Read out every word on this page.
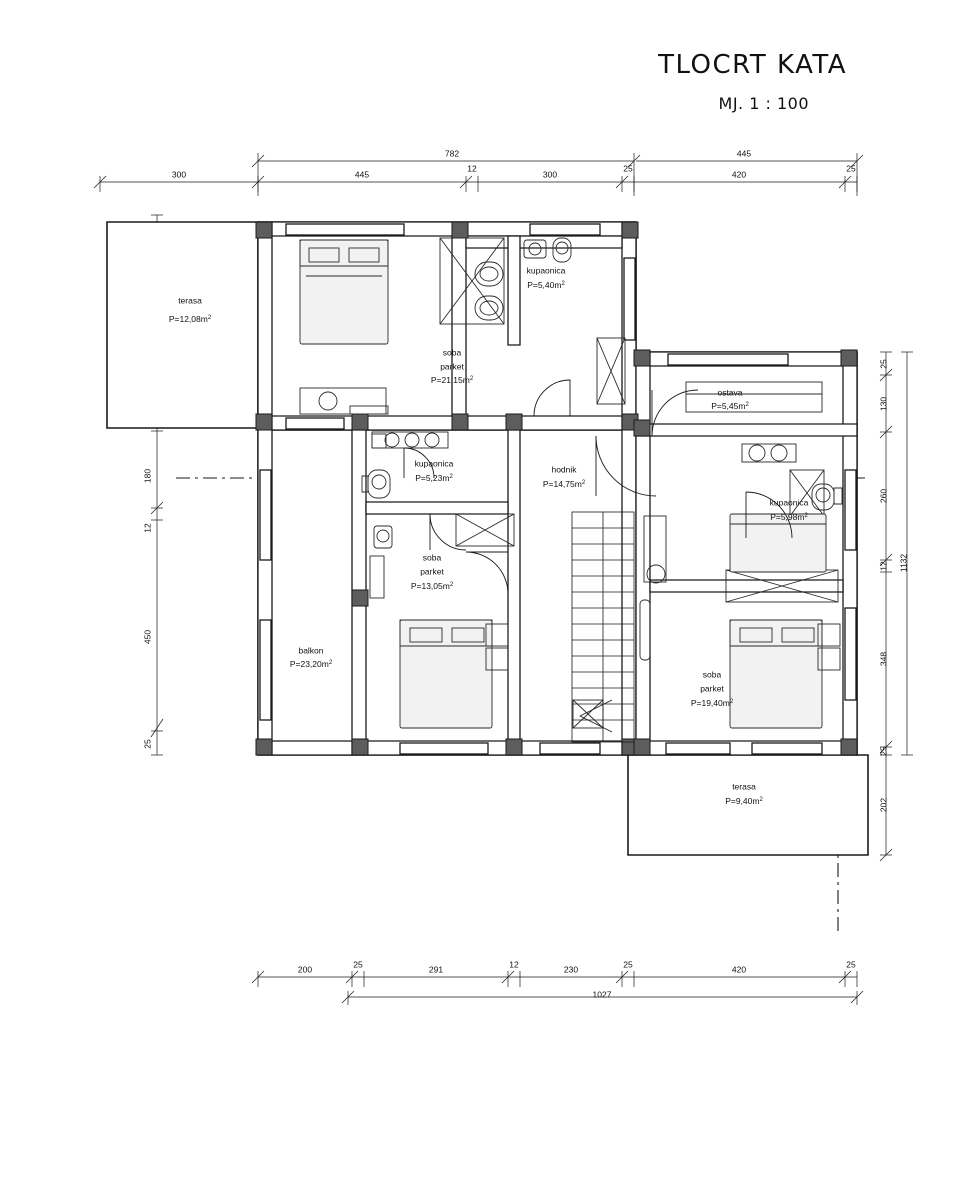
TLOCRT KATA
MJ. 1 : 100
782	445
300	445
12
300
25
420
25
180
12
450
25
25
130
260
12
348
25
202
1132
200	25	291	12	230	25	420	25
1027
terasa
$P=12,08m^2$
soba
parket
$P=21,15m^2$
kupaonica
$P=5,40m^2$
ostava
$P=5,45m^2$
kupaonica
$P=5,23m^2$
hodnik
$P=14,75m^2$
kupaonica
$P=5,98m^2$
soba
parket
$P=13,05m^2$
soba
parket
$P=19,40m^2$
balkon
$P=23,20m^2$
terasa
$P=9,40m^2$
